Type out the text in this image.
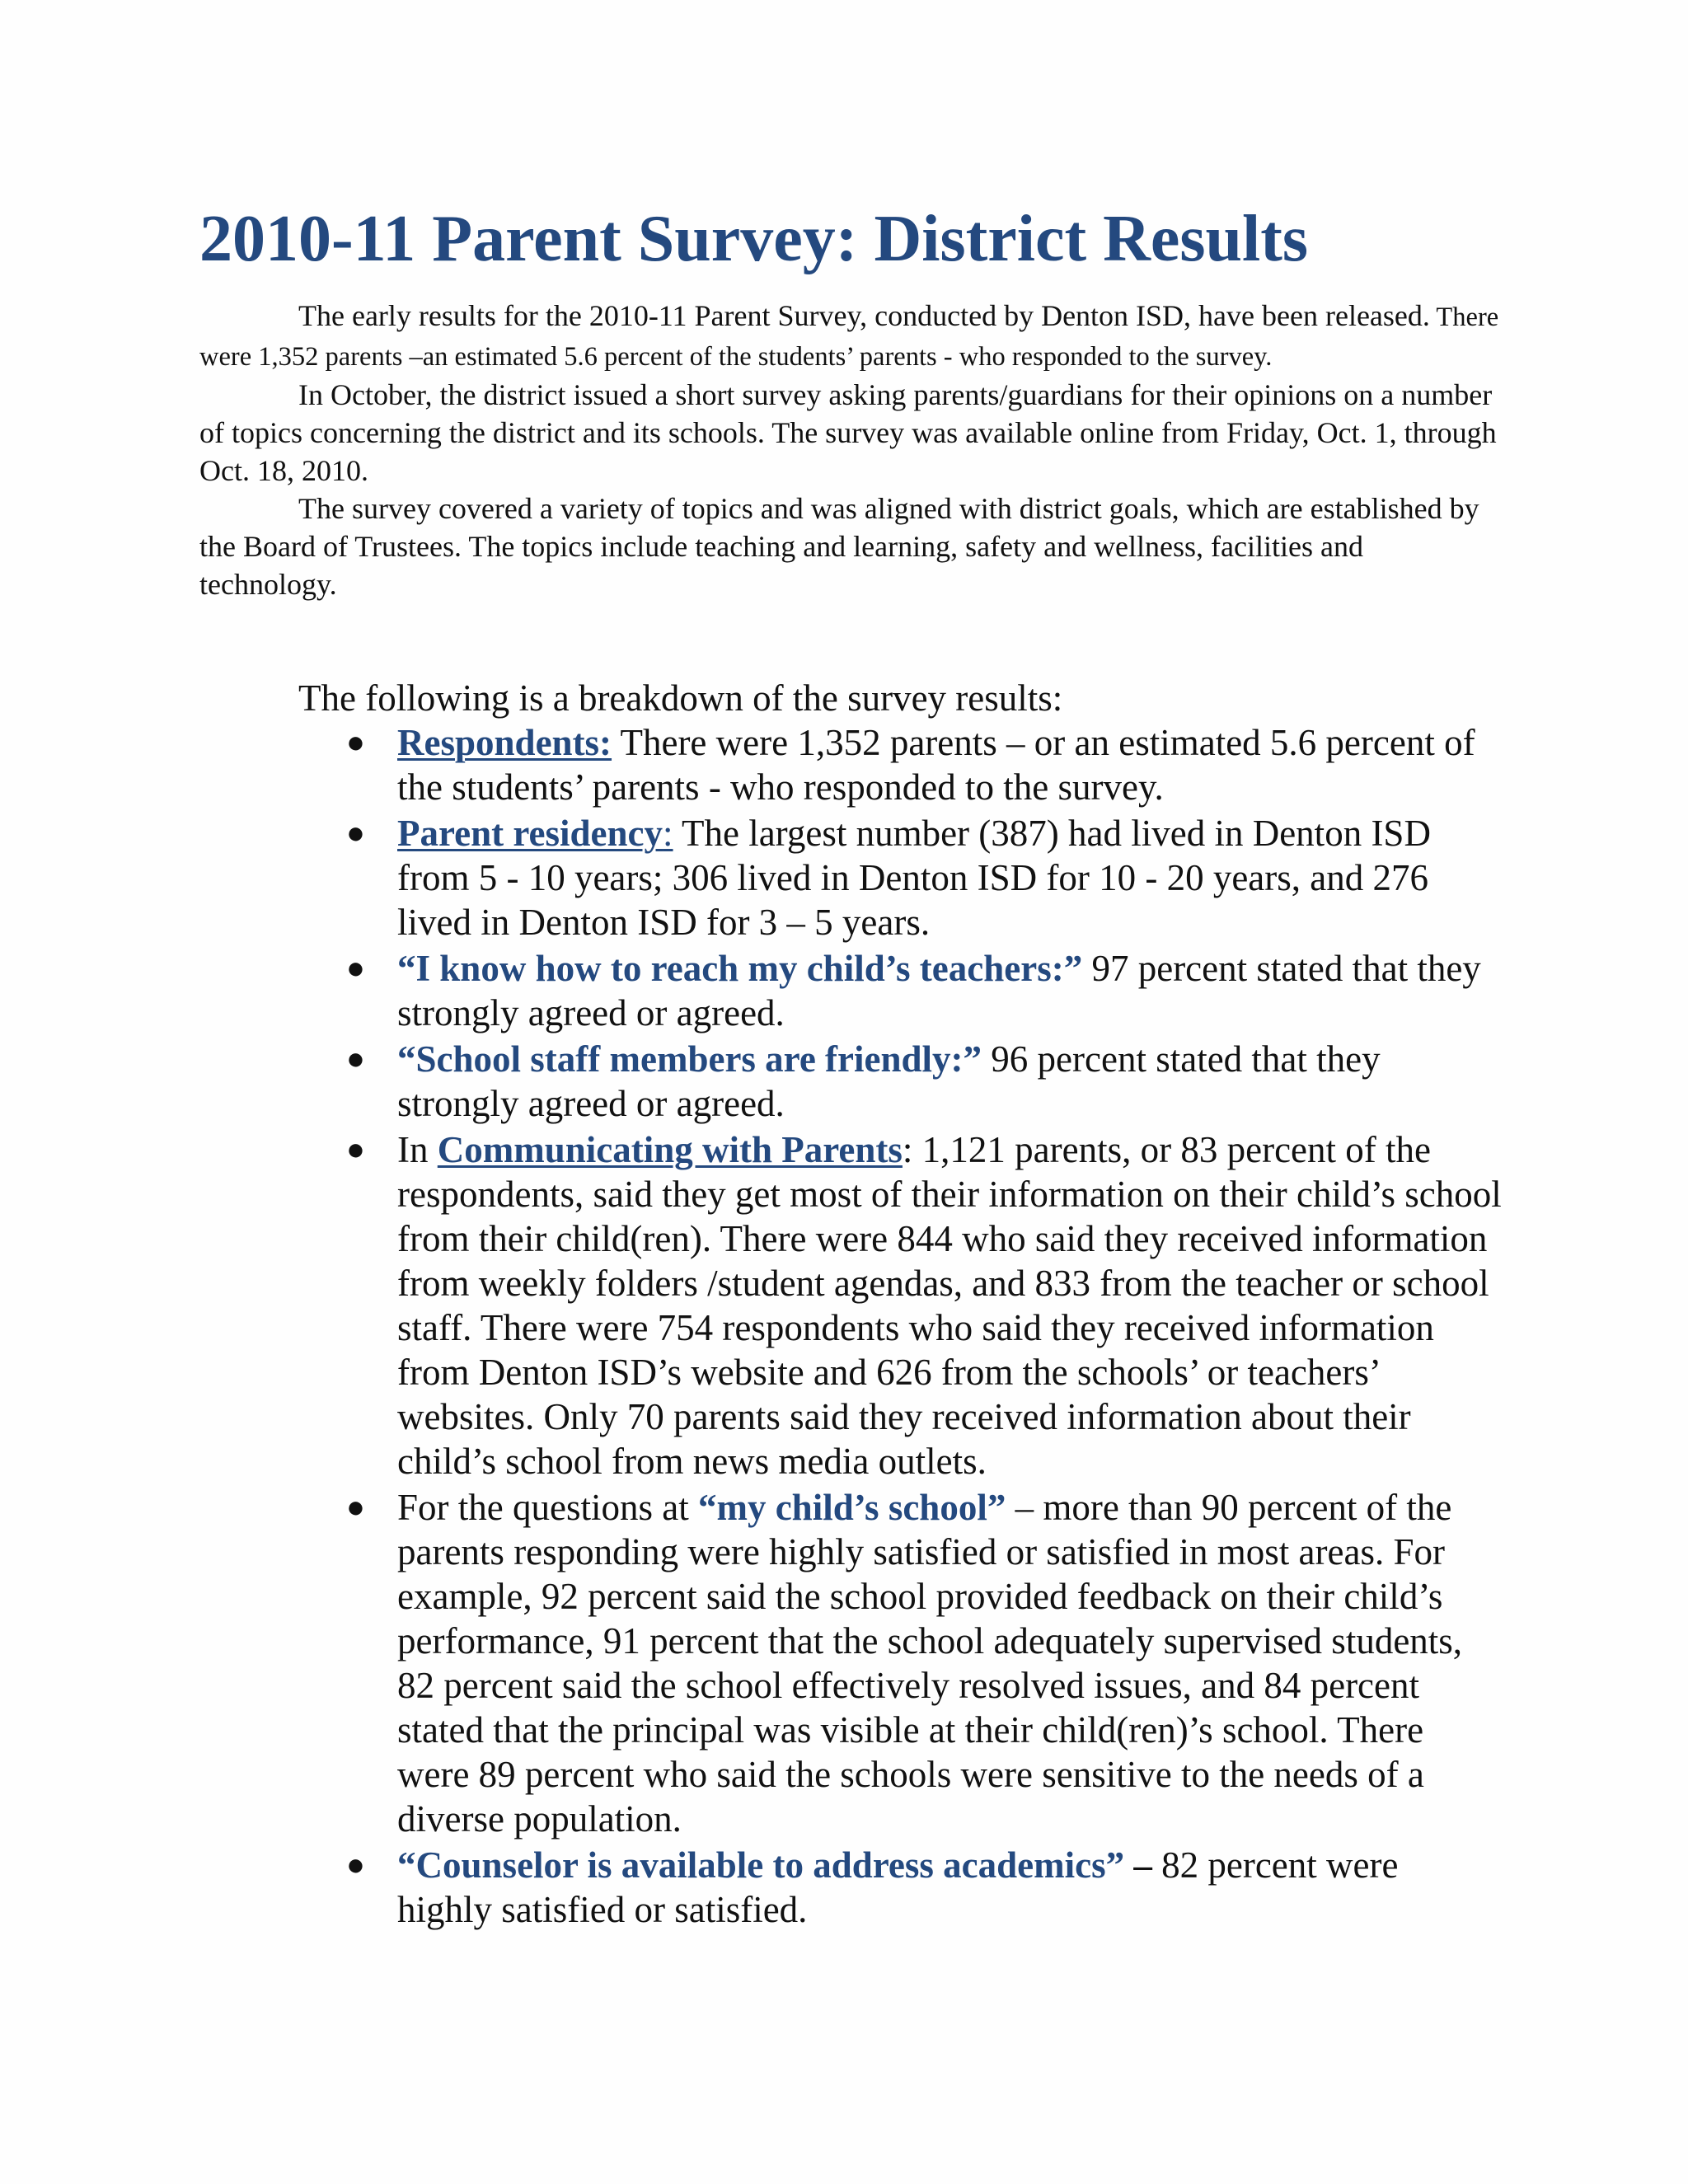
2010-11 Parent Survey: District Results

The early results for the 2010-11 Parent Survey, conducted by Denton ISD, have been released. There were 1,352 parents –an estimated 5.6 percent of the students’ parents - who responded to the survey.

In October, the district issued a short survey asking parents/guardians for their opinions on a number of topics concerning the district and its schools. The survey was available online from Friday, Oct. 1, through Oct. 18, 2010.

The survey covered a variety of topics and was aligned with district goals, which are established by the Board of Trustees. The topics include teaching and learning, safety and wellness, facilities and technology.

The following is a breakdown of the survey results:

● Respondents: There were 1,352 parents – or an estimated 5.6 percent of the students’ parents - who responded to the survey.
● Parent residency: The largest number (387) had lived in Denton ISD from 5 - 10 years; 306 lived in Denton ISD for 10 - 20 years, and 276 lived in Denton ISD for 3 – 5 years.
● “I know how to reach my child’s teachers:” 97 percent stated that they strongly agreed or agreed.
● “School staff members are friendly:” 96 percent stated that they strongly agreed or agreed.
● In Communicating with Parents: 1,121 parents, or 83 percent of the respondents, said they get most of their information on their child’s school from their child(ren). There were 844 who said they received information from weekly folders /student agendas, and 833 from the teacher or school staff. There were 754 respondents who said they received information from Denton ISD’s website and 626 from the schools’ or teachers’ websites. Only 70 parents said they received information about their child’s school from news media outlets.
● For the questions at “my child’s school” – more than 90 percent of the parents responding were highly satisfied or satisfied in most areas. For example, 92 percent said the school provided feedback on their child’s performance, 91 percent that the school adequately supervised students, 82 percent said the school effectively resolved issues, and 84 percent stated that the principal was visible at their child(ren)’s school. There were 89 percent who said the schools were sensitive to the needs of a diverse population.
● “Counselor is available to address academics” – 82 percent were highly satisfied or satisfied.
